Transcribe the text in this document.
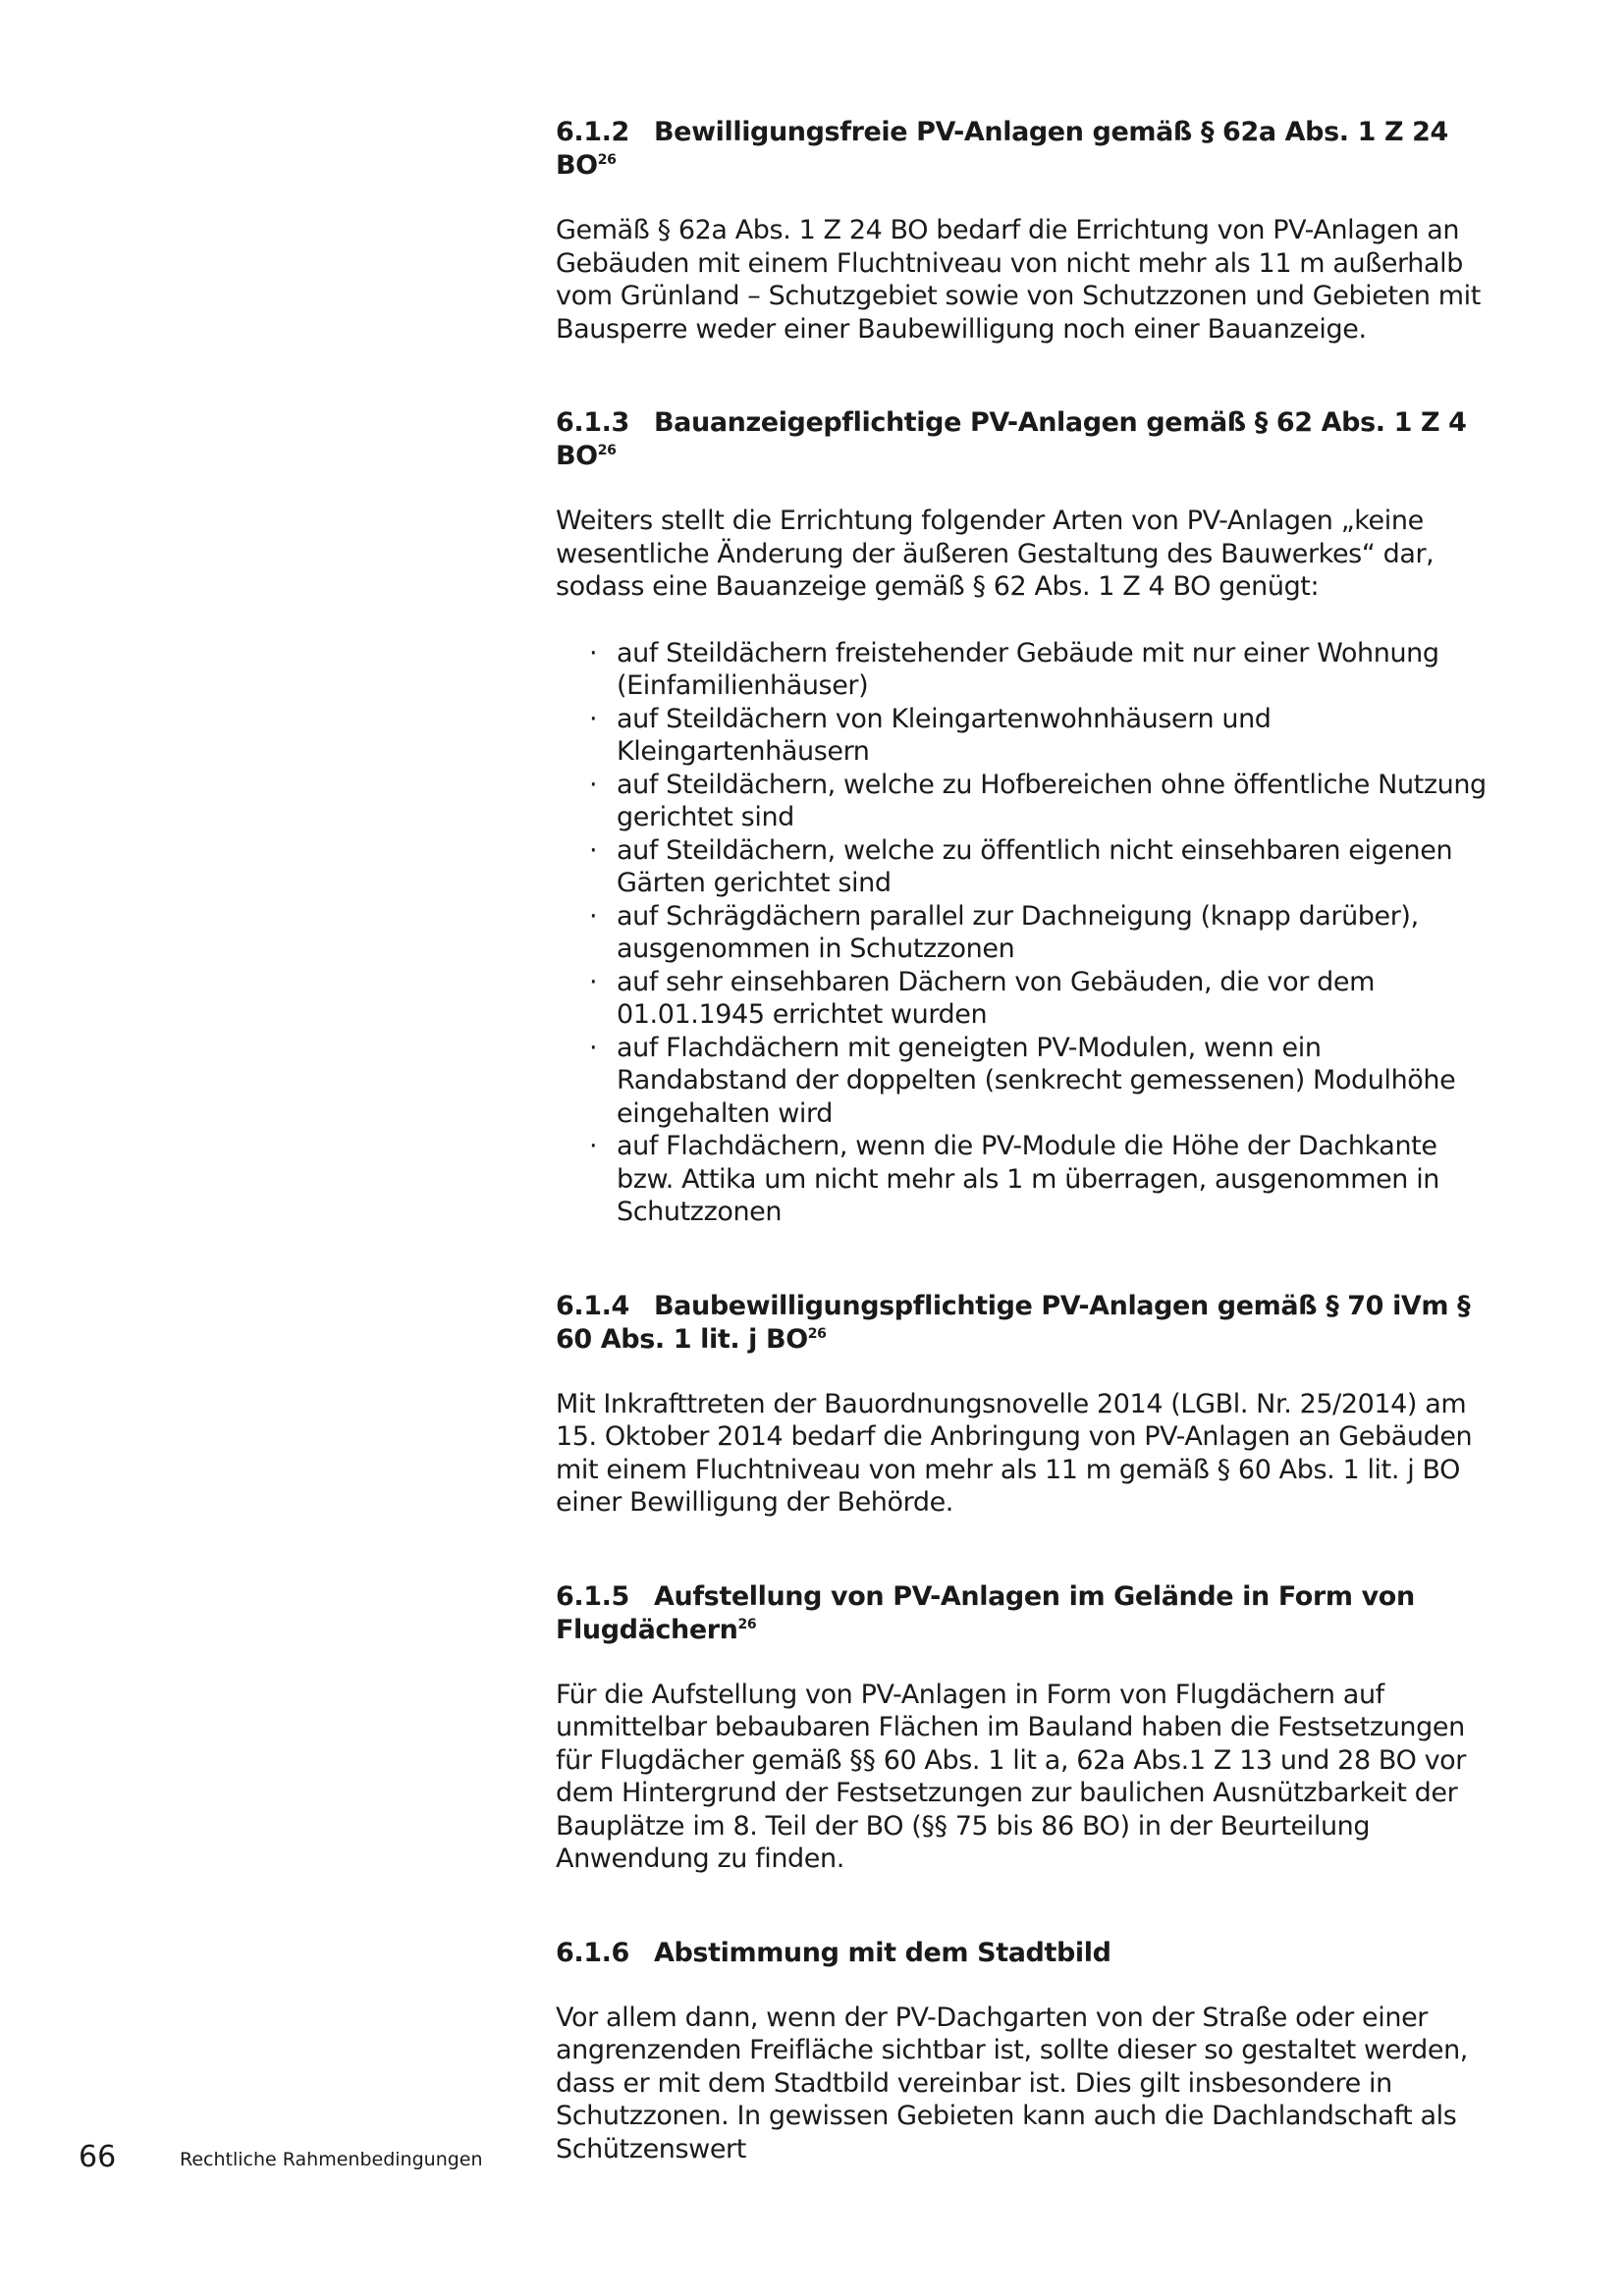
6.1.2 Bewilligungsfreie PV-Anlagen gemäß § 62a Abs. 1 Z 24 BO$^{26}$

Gemäß § 62a Abs. 1 Z 24 BO bedarf die Errichtung von PV-Anlagen an Gebäuden mit einem Fluchtniveau von nicht mehr als 11 m außerhalb vom Grünland – Schutzgebiet sowie von Schutzzonen und Gebieten mit Bausperre weder einer Baubewilligung noch einer Bauanzeige.

6.1.3 Bauanzeigepflichtige PV-Anlagen gemäß § 62 Abs. 1 Z 4 BO$^{26}$

Weiters stellt die Errichtung folgender Arten von PV-Anlagen „keine wesentliche Änderung der äußeren Gestaltung des Bauwerkes“ dar, sodass eine Bauanzeige gemäß § 62 Abs. 1 Z 4 BO genügt:

· auf Steildächern freistehender Gebäude mit nur einer Wohnung (Einfamilienhäuser)
· auf Steildächern von Kleingartenwohnhäusern und Kleingartenhäusern
· auf Steildächern, welche zu Hofbereichen ohne öffentliche Nutzung gerichtet sind
· auf Steildächern, welche zu öffentlich nicht einsehbaren eigenen Gärten gerichtet sind
· auf Schrägdächern parallel zur Dachneigung (knapp darüber), ausgenommen in Schutzzonen
· auf sehr einsehbaren Dächern von Gebäuden, die vor dem 01.01.1945 errichtet wurden
· auf Flachdächern mit geneigten PV-Modulen, wenn ein Randabstand der doppelten (senkrecht gemessenen) Modulhöhe eingehalten wird
· auf Flachdächern, wenn die PV-Module die Höhe der Dachkante bzw. Attika um nicht mehr als 1 m überragen, ausgenommen in Schutzzonen
6.1.4 Baubewilligungspflichtige PV-Anlagen gemäß § 70 iVm § 60 Abs. 1 lit. j BO$^{26}$

Mit Inkrafttreten der Bauordnungsnovelle 2014 (LGBl. Nr. 25/2014) am 15. Oktober 2014 bedarf die Anbringung von PV-Anlagen an Gebäuden mit einem Fluchtniveau von mehr als 11 m gemäß § 60 Abs. 1 lit. j BO einer Bewilligung der Behörde.

6.1.5 Aufstellung von PV-Anlagen im Gelände in Form von Flugdächern$^{26}$

Für die Aufstellung von PV-Anlagen in Form von Flugdächern auf unmittelbar bebaubaren Flächen im Bauland haben die Festsetzungen für Flugdächer gemäß §§ 60 Abs. 1 lit a, 62a Abs.1 Z 13 und 28 BO vor dem Hintergrund der Festsetzungen zur baulichen Ausnützbarkeit der Bauplätze im 8. Teil der BO (§§ 75 bis 86 BO) in der Beurteilung Anwendung zu finden.

6.1.6 Abstimmung mit dem Stadtbild

Vor allem dann, wenn der PV-Dachgarten von der Straße oder einer angrenzenden Freifläche sichtbar ist, sollte dieser so gestaltet werden, dass er mit dem Stadtbild vereinbar ist. Dies gilt insbesondere in Schutzzonen. In gewissen Gebieten kann auch die Dachlandschaft als Schützenswert

66	Rechtliche Rahmenbedingungen
